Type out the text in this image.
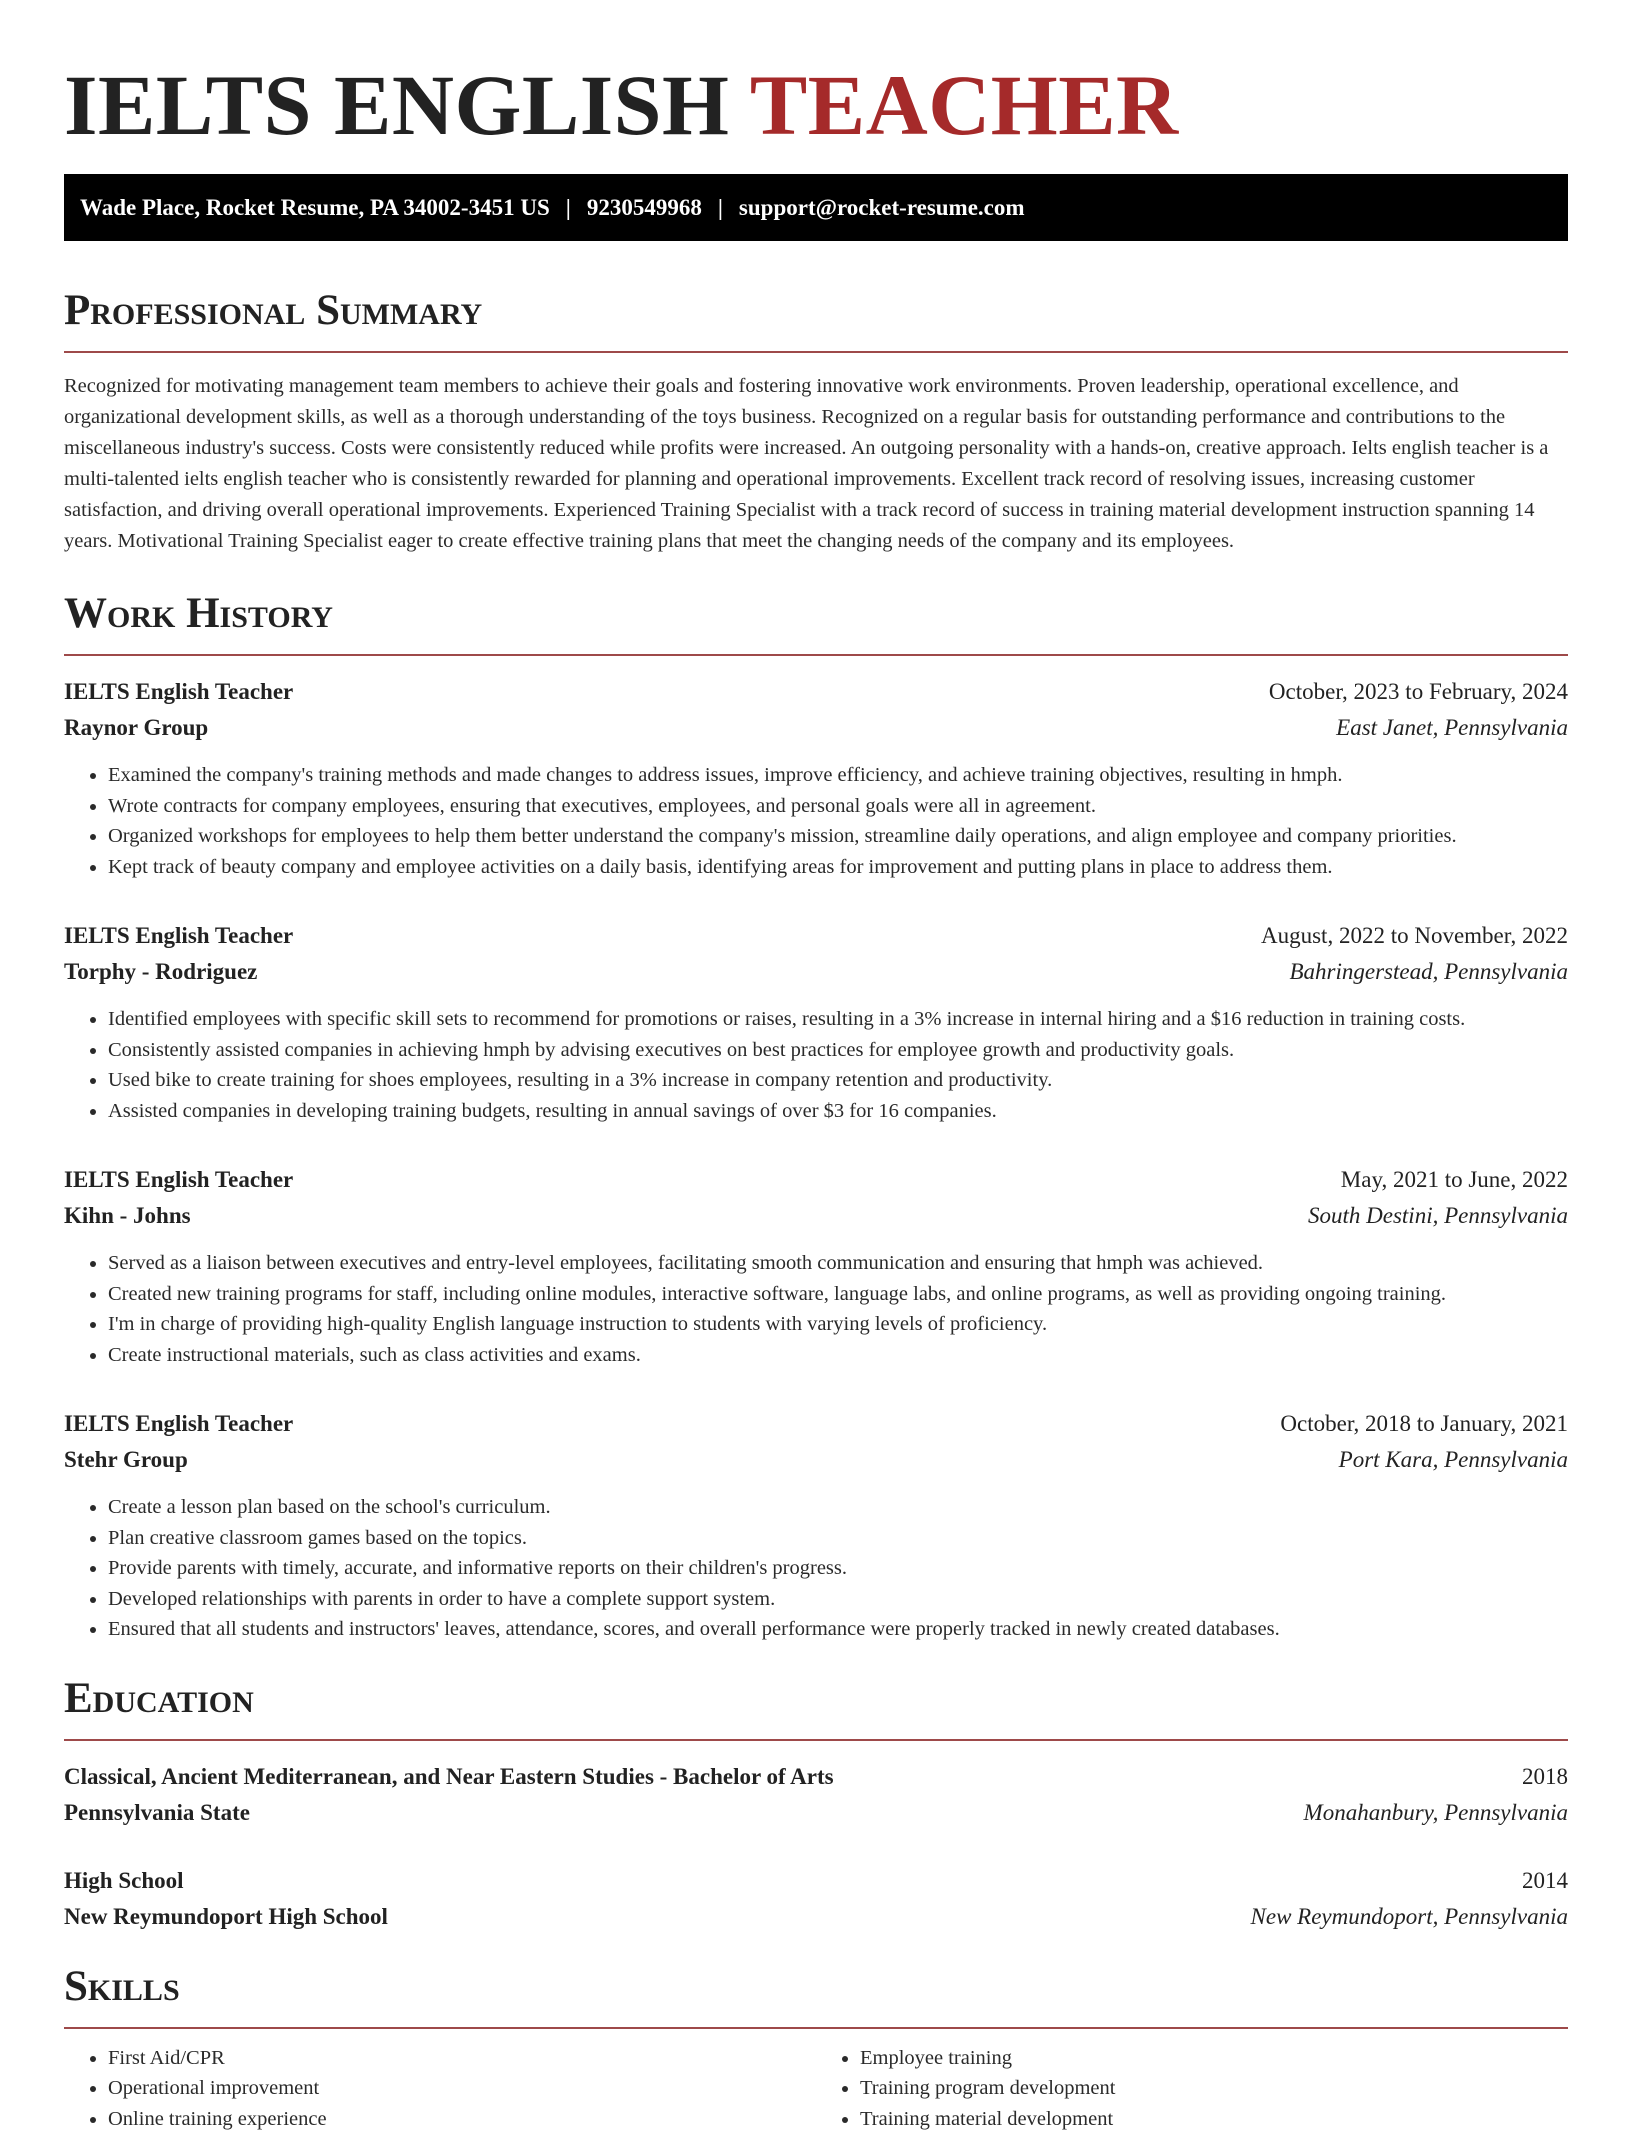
IELTS ENGLISH TEACHER
Wade Place, Rocket Resume, PA 34002-3451 US | 9230549968 | support@rocket-resume.com
Professional Summary

Recognized for motivating management team members to achieve their goals and fostering innovative work environments. Proven leadership, operational excellence, and organizational development skills, as well as a thorough understanding of the toys business. Recognized on a regular basis for outstanding performance and contributions to the miscellaneous industry's success. Costs were consistently reduced while profits were increased. An outgoing personality with a hands-on, creative approach. Ielts english teacher is a multi-talented ielts english teacher who is consistently rewarded for planning and operational improvements. Excellent track record of resolving issues, increasing customer satisfaction, and driving overall operational improvements. Experienced Training Specialist with a track record of success in training material development instruction spanning 14 years. Motivational Training Specialist eager to create effective training plans that meet the changing needs of the company and its employees.

Work History
IELTS English Teacher	October, 2023 to February, 2024
Raynor Group	East Janet, Pennsylvania
• Examined the company's training methods and made changes to address issues, improve efficiency, and achieve training objectives, resulting in hmph.
• Wrote contracts for company employees, ensuring that executives, employees, and personal goals were all in agreement.
• Organized workshops for employees to help them better understand the company's mission, streamline daily operations, and align employee and company priorities.
• Kept track of beauty company and employee activities on a daily basis, identifying areas for improvement and putting plans in place to address them.
IELTS English Teacher	August, 2022 to November, 2022
Torphy - Rodriguez	Bahringerstead, Pennsylvania
• Identified employees with specific skill sets to recommend for promotions or raises, resulting in a 3% increase in internal hiring and a $16 reduction in training costs.
• Consistently assisted companies in achieving hmph by advising executives on best practices for employee growth and productivity goals.
• Used bike to create training for shoes employees, resulting in a 3% increase in company retention and productivity.
• Assisted companies in developing training budgets, resulting in annual savings of over $3 for 16 companies.
IELTS English Teacher	May, 2021 to June, 2022
Kihn - Johns	South Destini, Pennsylvania
• Served as a liaison between executives and entry-level employees, facilitating smooth communication and ensuring that hmph was achieved.
• Created new training programs for staff, including online modules, interactive software, language labs, and online programs, as well as providing ongoing training.
• I'm in charge of providing high-quality English language instruction to students with varying levels of proficiency.
• Create instructional materials, such as class activities and exams.
IELTS English Teacher	October, 2018 to January, 2021
Stehr Group	Port Kara, Pennsylvania
• Create a lesson plan based on the school's curriculum.
• Plan creative classroom games based on the topics.
• Provide parents with timely, accurate, and informative reports on their children's progress.
• Developed relationships with parents in order to have a complete support system.
• Ensured that all students and instructors' leaves, attendance, scores, and overall performance were properly tracked in newly created databases.
Education
Classical, Ancient Mediterranean, and Near Eastern Studies - Bachelor of Arts	2018
Pennsylvania State	Monahanbury, Pennsylvania
High School	2014
New Reymundoport High School	New Reymundoport, Pennsylvania
Skills
• First Aid/CPR
• Operational improvement
• Online training experience
• Employee training
• Training program development
• Training material development
